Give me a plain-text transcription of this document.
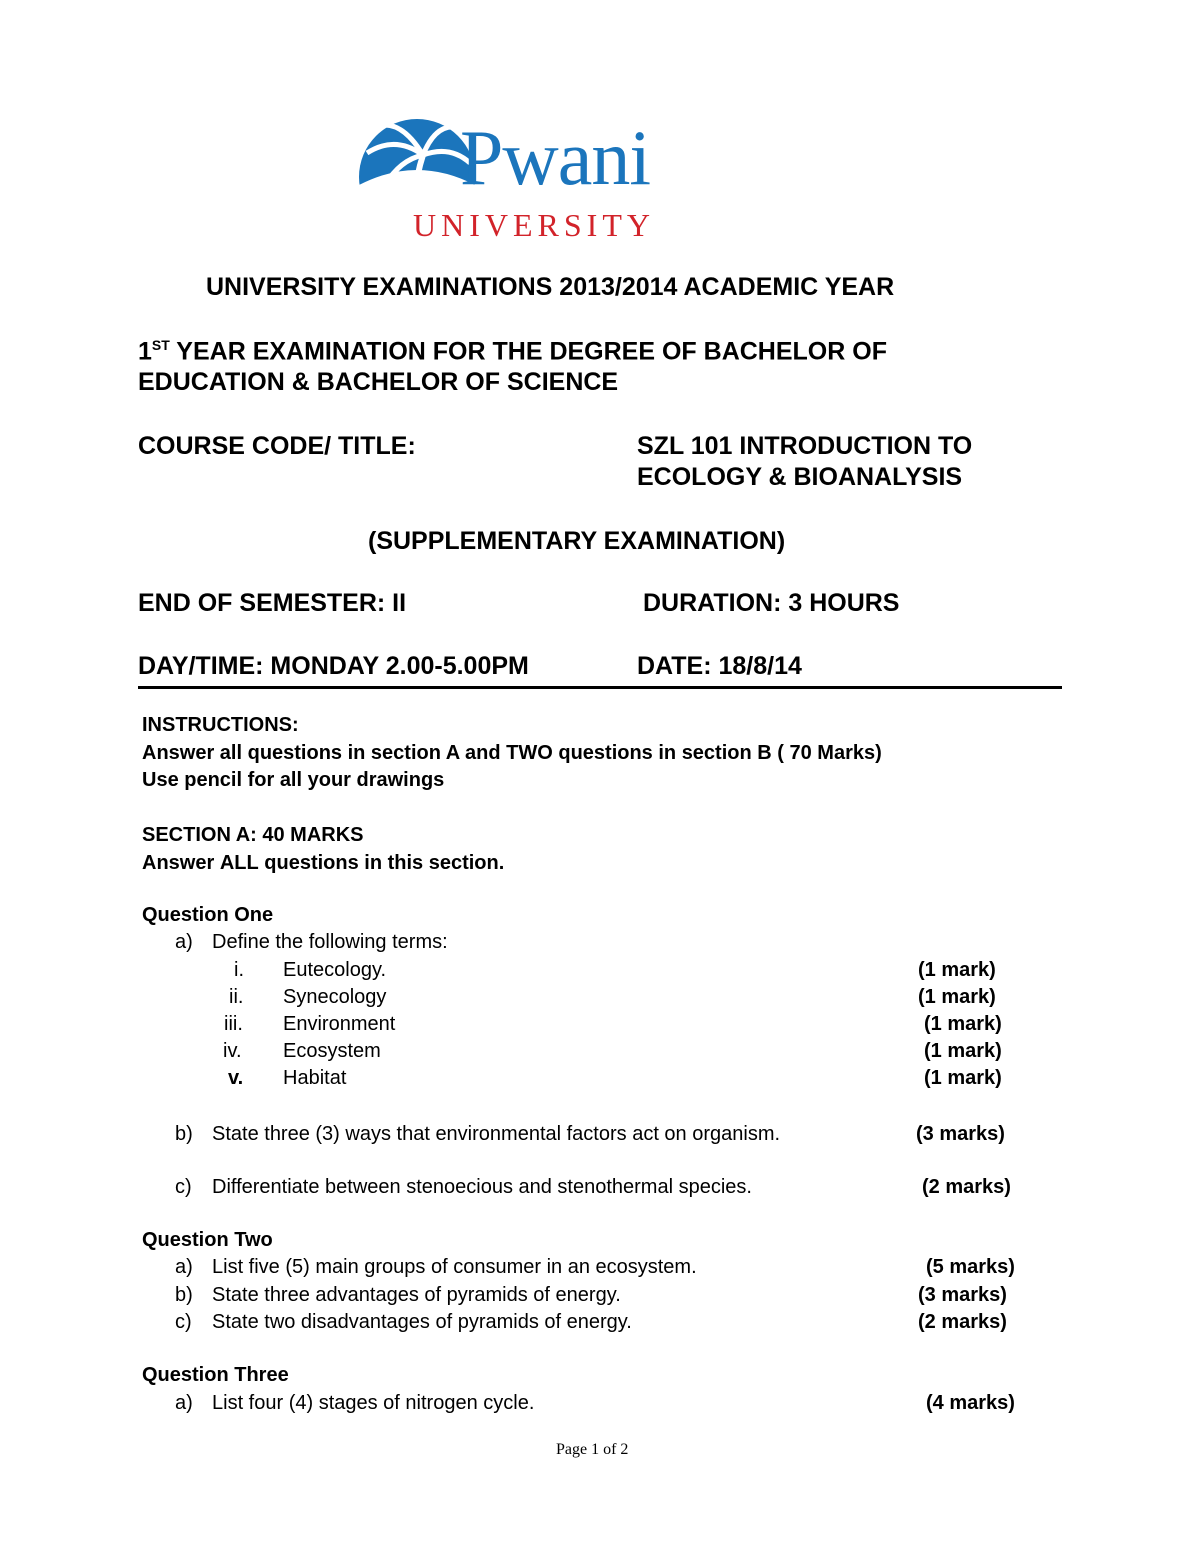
Pwani
UNIVERSITY
UNIVERSITY EXAMINATIONS 2013/2014 ACADEMIC YEAR
1ST YEAR EXAMINATION FOR THE DEGREE OF BACHELOR OF
EDUCATION & BACHELOR OF SCIENCE
COURSE CODE/ TITLE:	SZL 101 INTRODUCTION TO
ECOLOGY & BIOANALYSIS
(SUPPLEMENTARY EXAMINATION)
END OF SEMESTER: II	DURATION: 3 HOURS
DAY/TIME: MONDAY 2.00-5.00PM	DATE: 18/8/14
INSTRUCTIONS:
Answer all questions in section A and TWO questions in section B ( 70 Marks)
Use pencil for all your drawings
SECTION A: 40 MARKS
Answer ALL questions in this section.
Question One
a) Define the following terms:
i. Eutecology.	(1 mark)
ii. Synecology	(1 mark)
iii. Environment	(1 mark)
iv. Ecosystem	(1 mark)
v. Habitat	(1 mark)
b) State three (3) ways that environmental factors act on organism.	(3 marks)
c) Differentiate between stenoecious and stenothermal species.	(2 marks)
Question Two
a) List five (5) main groups of consumer in an ecosystem.	(5 marks)
b) State three advantages of pyramids of energy.	(3 marks)
c) State two disadvantages of pyramids of energy.	(2 marks)
Question Three
a) List four (4) stages of nitrogen cycle.	(4 marks)
Page 1 of 2
